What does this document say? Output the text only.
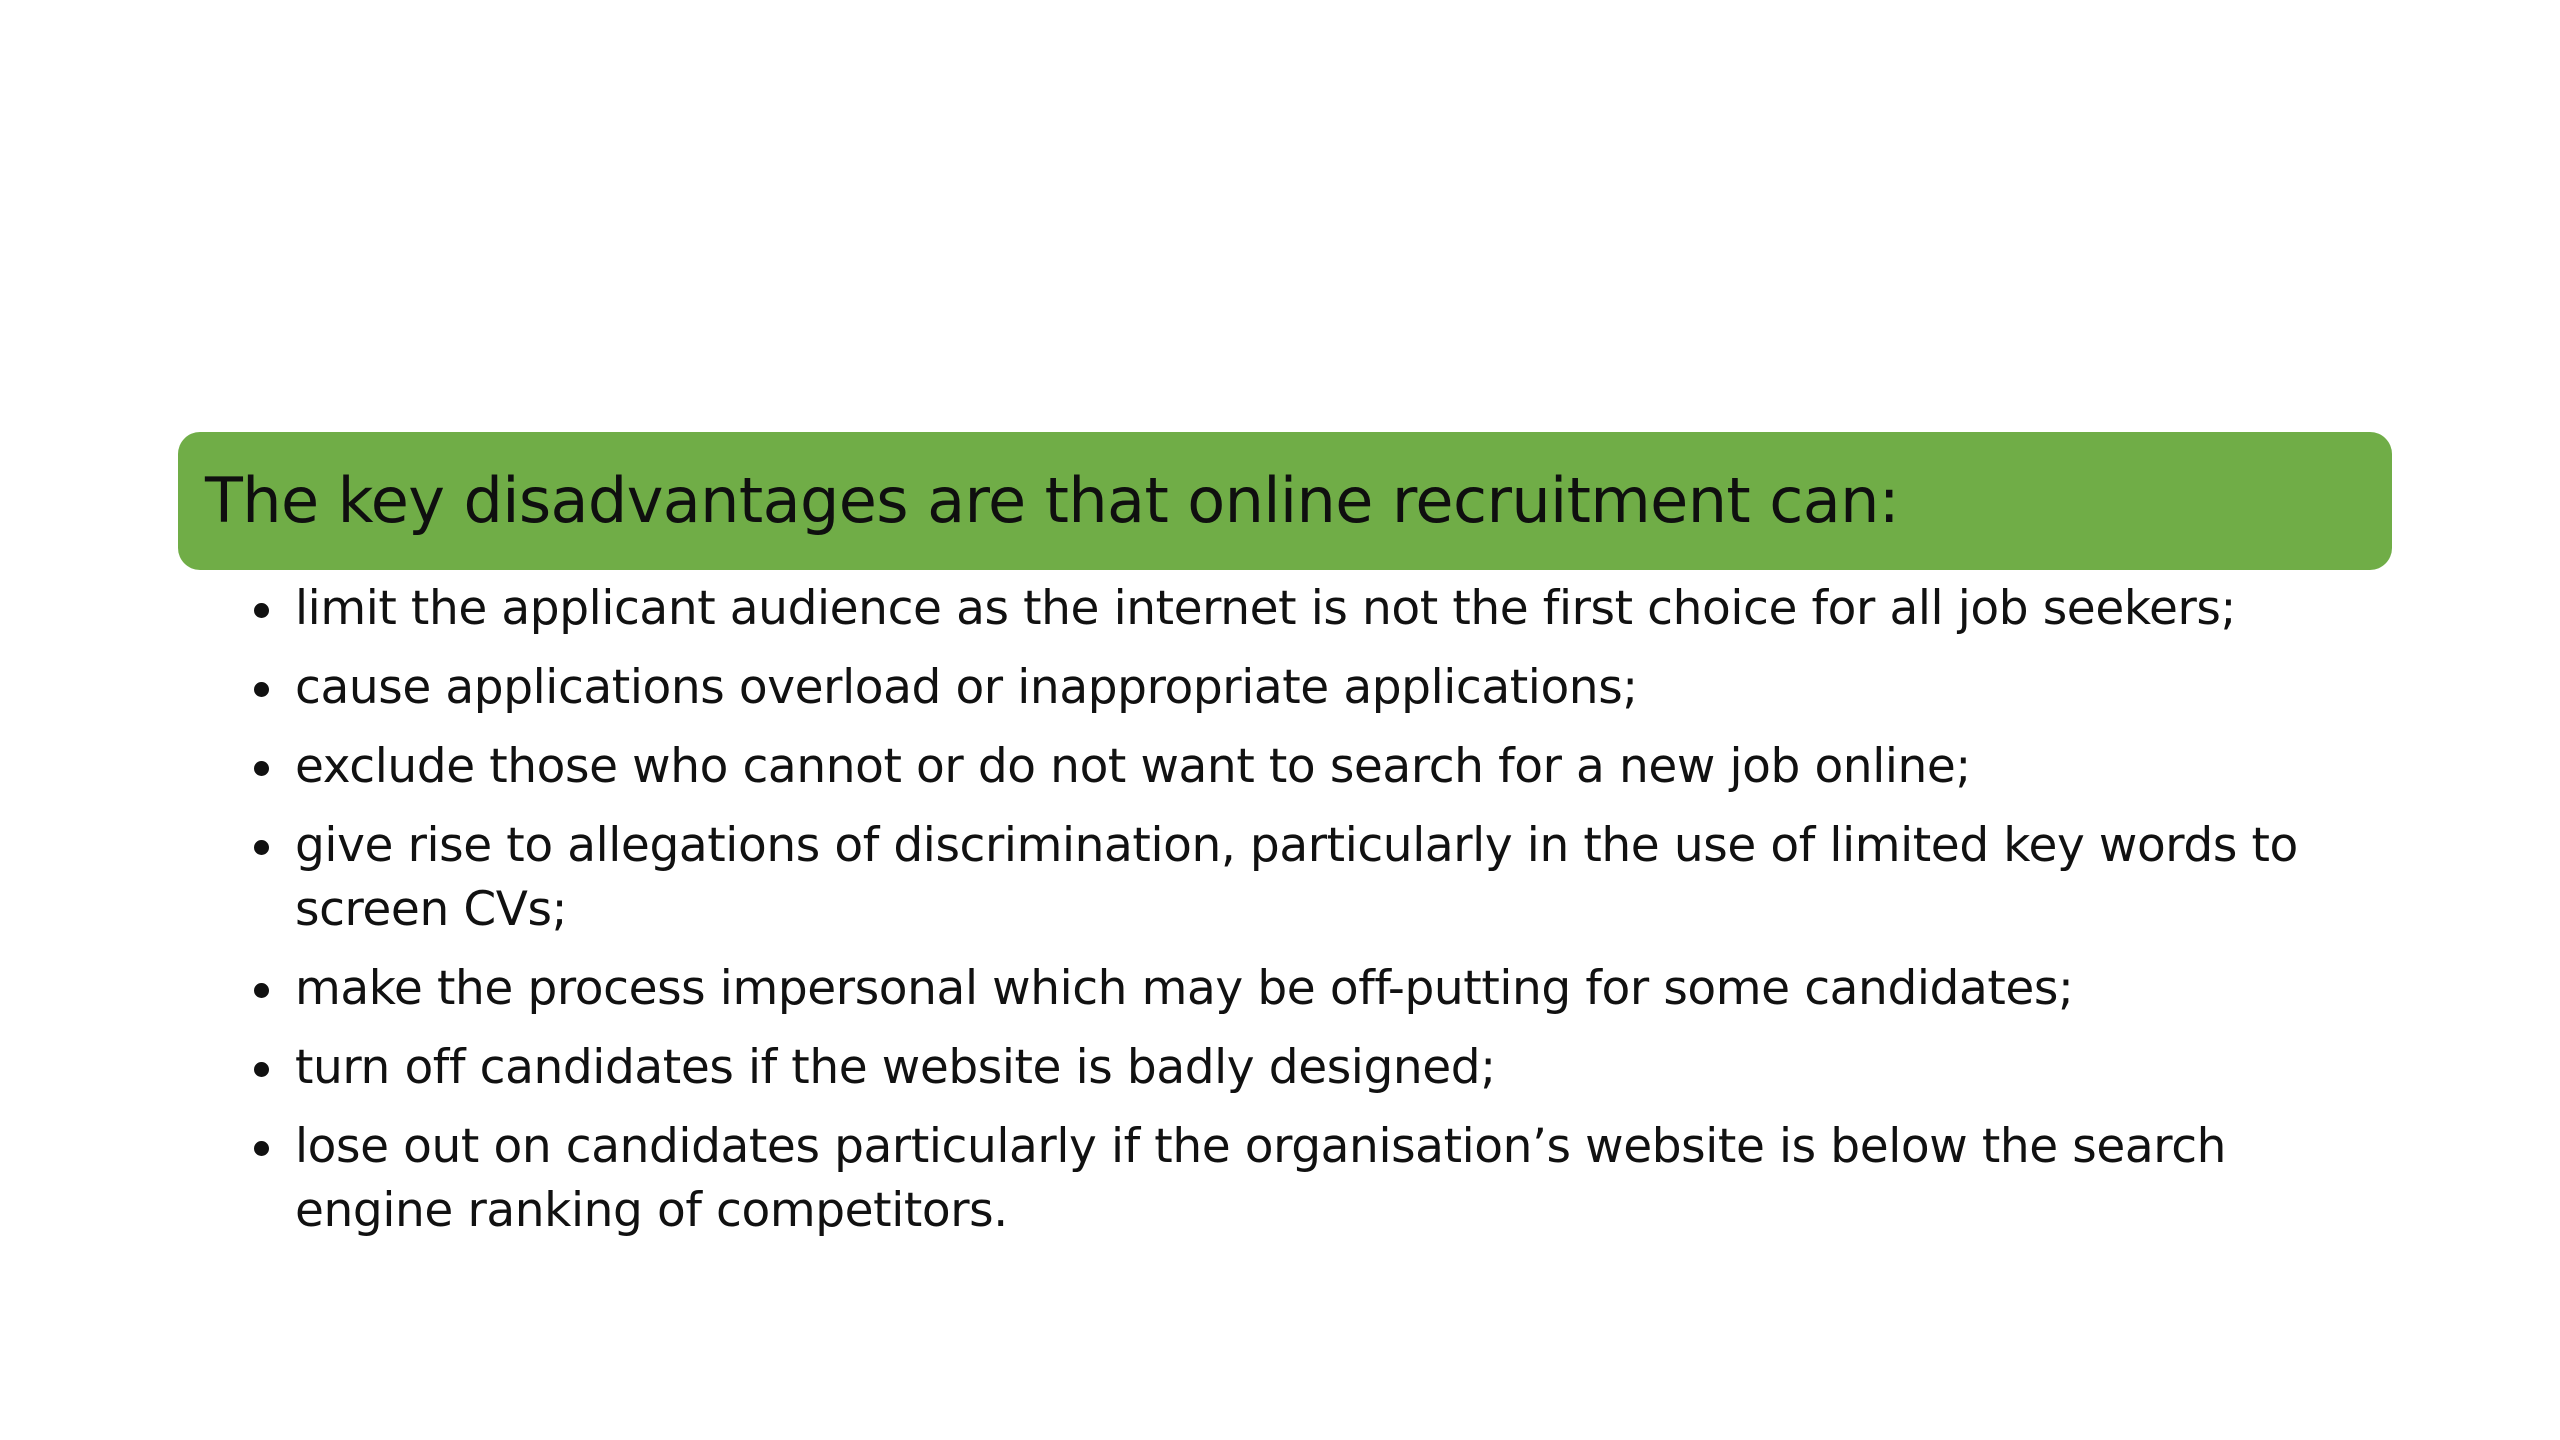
The key disadvantages are that online recruitment can:
limit the applicant audience as the internet is not the first choice for all job seekers;
cause applications overload or inappropriate applications;
exclude those who cannot or do not want to search for a new job online;
give rise to allegations of discrimination, particularly in the use of limited key words to screen CVs;
make the process impersonal which may be off-putting for some candidates;
turn off candidates if the website is badly designed;
lose out on candidates particularly if the organisation’s website is below the search engine ranking of competitors.
